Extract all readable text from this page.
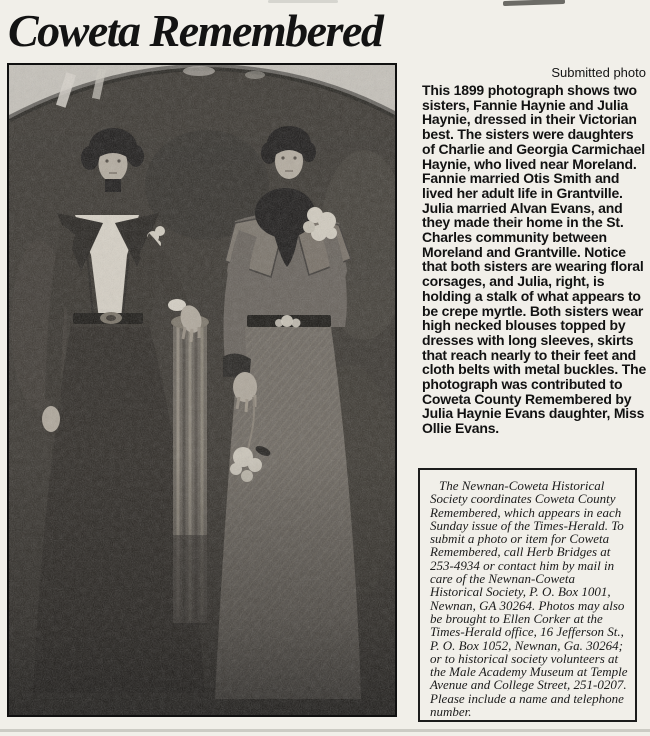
Coweta Remembered
Submitted photo

This 1899 photograph shows two sisters, Fannie Haynie and Julia Haynie, dressed in their Victorian best. The sisters were daughters of Charlie and Georgia Carmichael Haynie, who lived near Moreland. Fannie married Otis Smith and lived her adult life in Grantville. Julia married Alvan Evans, and they made their home in the St. Charles community between Moreland and Grantville. Notice that both sisters are wearing floral corsages, and Julia, right, is holding a stalk of what appears to be crepe myrtle. Both sisters wear high necked blouses topped by dresses with long sleeves, skirts that reach nearly to their feet and cloth belts with metal buckles. The photograph was contributed to Coweta County Remembered by Julia Haynie Evans daughter, Miss Ollie Evans.

The Newnan-Coweta Historical Society coordinates Coweta County Remembered, which appears in each Sunday issue of the Times-Herald. To submit a photo or item for Coweta Remembered, call Herb Bridges at 253-4934 or contact him by mail in care of the Newnan-Coweta Historical Society, P. O. Box 1001, Newnan, GA 30264. Photos may also be brought to Ellen Corker at the Times-Herald office, 16 Jefferson St., P. O. Box 1052, Newnan, Ga. 30264; or to historical society volunteers at the Male Academy Museum at Temple Avenue and College Street, 251-0207. Please include a name and telephone number.
